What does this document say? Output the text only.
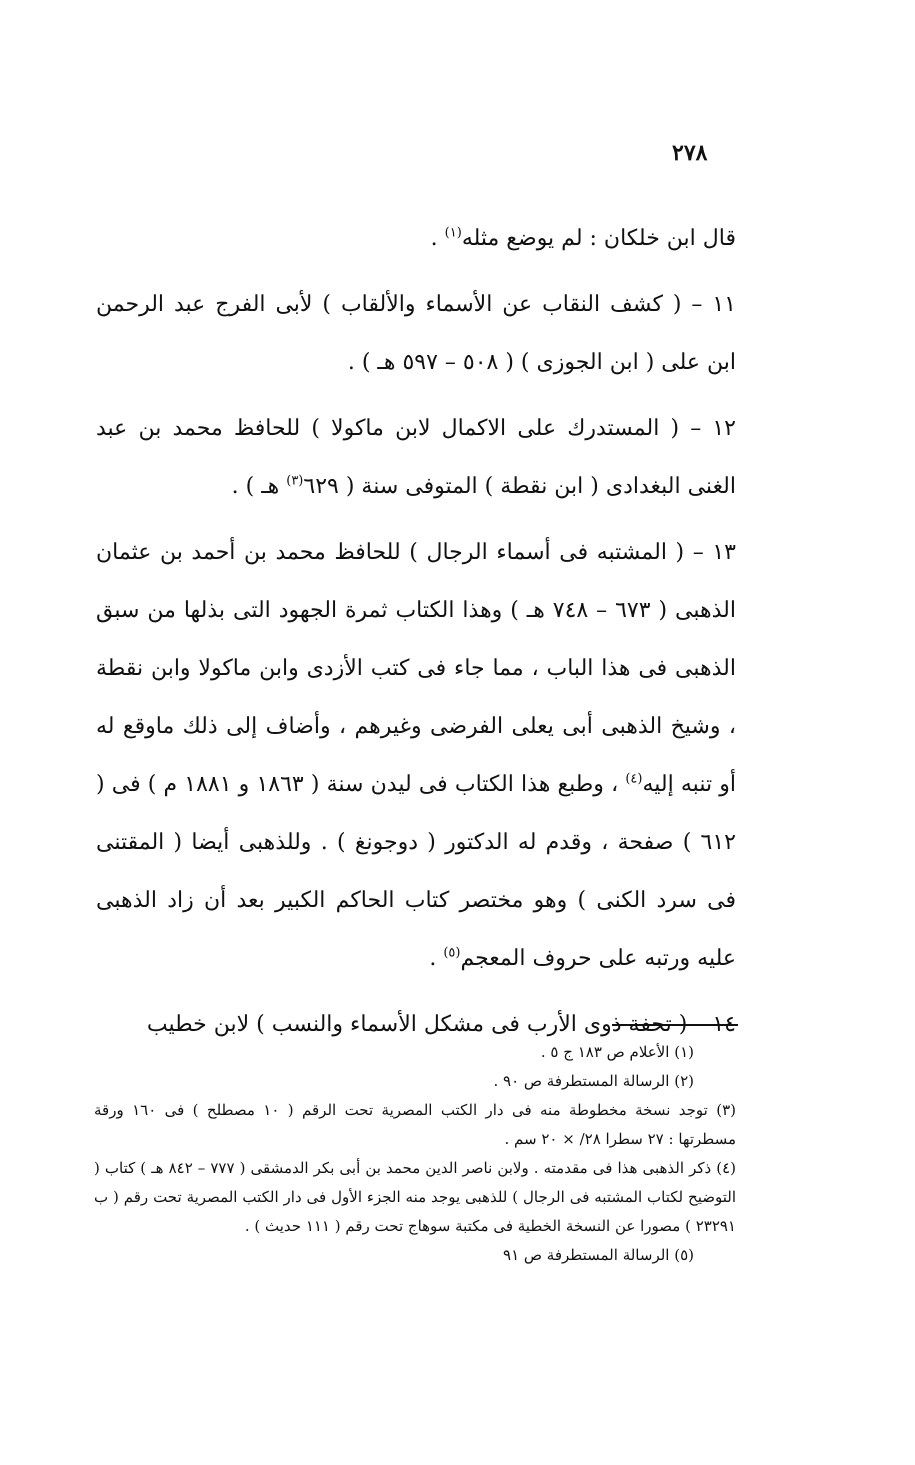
٢٧٨

قال ابن خلكان : لم يوضع مثله$^{(١)}$ .

١١ – ( كشف النقاب عن الأسماء والألقاب ) لأبى الفرج عبد الرحمن ابن على ( ابن الجوزى ) ( ٥٠٨ – ٥٩٧ هـ ) .

١٢ – ( المستدرك على الاكمال لابن ماكولا ) للحافظ محمد بن عبد الغنى البغدادى ( ابن نقطة ) المتوفى سنة ( ٦٢٩$^{(٣)}$ هـ ) .

١٣ – ( المشتبه فى أسماء الرجال ) للحافظ محمد بن أحمد بن عثمان الذهبى ( ٦٧٣ – ٧٤٨ هـ ) وهذا الكتاب ثمرة الجهود التى بذلها من سبق الذهبى فى هذا الباب ، مما جاء فى كتب الأزدى وابن ماكولا وابن نقطة ، وشيخ الذهبى أبى يعلى الفرضى وغيرهم ، وأضاف إلى ذلك ماوقع له أو تنبه إليه$^{(٤)}$ ، وطبع هذا الكتاب فى ليدن سنة ( ١٨٦٣ و ١٨٨١ م ) فى ( ٦١٢ ) صفحة ، وقدم له الدكتور ( دوجونغ ) . وللذهبى أيضا ( المقتنى فى سرد الكنى ) وهو مختصر كتاب الحاكم الكبير بعد أن زاد الذهبى عليه ورتبه على حروف المعجم$^{(٥)}$ .

١٤ – ( تحفة ذوى الأرب فى مشكل الأسماء والنسب ) لابن خطيب

(١) الأعلام ص ١٨٣ ج ٥ .

(٢) الرسالة المستطرفة ص ٩٠ .

(٣) توجد نسخة مخطوطة منه فى دار الكتب المصرية تحت الرقم ( ١٠ مصطلح ) فى ١٦٠ ورقة مسطرتها : ٢٧ سطرا ٢٨/ × ٢٠ سم .

(٤) ذكر الذهبى هذا فى مقدمته . ولابن ناصر الدين محمد بن أبى بكر الدمشقى ( ٧٧٧ – ٨٤٢ هـ ) كتاب ( التوضيح لكتاب المشتبه فى الرجال ) للذهبى يوجد منه الجزء الأول فى دار الكتب المصرية تحت رقم ( ب ٢٣٢٩١ ) مصورا عن النسخة الخطية فى مكتبة سوهاج تحت رقم ( ١١١ حديث ) .

(٥) الرسالة المستطرفة ص ٩١
